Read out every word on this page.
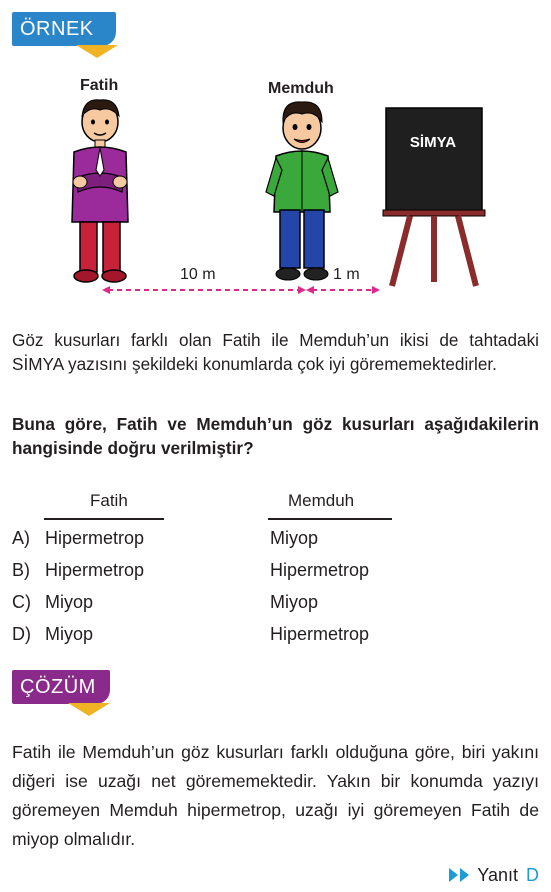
ÖRNEK
Fatih	Memduh
SİMYA
10 m	1 m

Göz kusurları farklı olan Fatih ile Memduh’un ikisi de tahtadaki SİMYA yazısını şekildeki konumlarda çok iyi görememektedirler.

Buna göre, Fatih ve Memduh’un göz kusurları aşağıdakilerin hangisinde doğru verilmiştir?

Fatih	Memduh
A) Hipermetrop	Miyop
B) Hipermetrop	Hipermetrop
C) Miyop	Miyop
D) Miyop	Hipermetrop
ÇÖZÜM

Fatih ile Memduh’un göz kusurları farklı olduğuna göre, biri yakını diğeri ise uzağı net görememektedir. Yakın bir konumda yazıyı göremeyen Memduh hipermetrop, uzağı iyi göremeyen Fatih de miyop olmalıdır.

Yanıt D
